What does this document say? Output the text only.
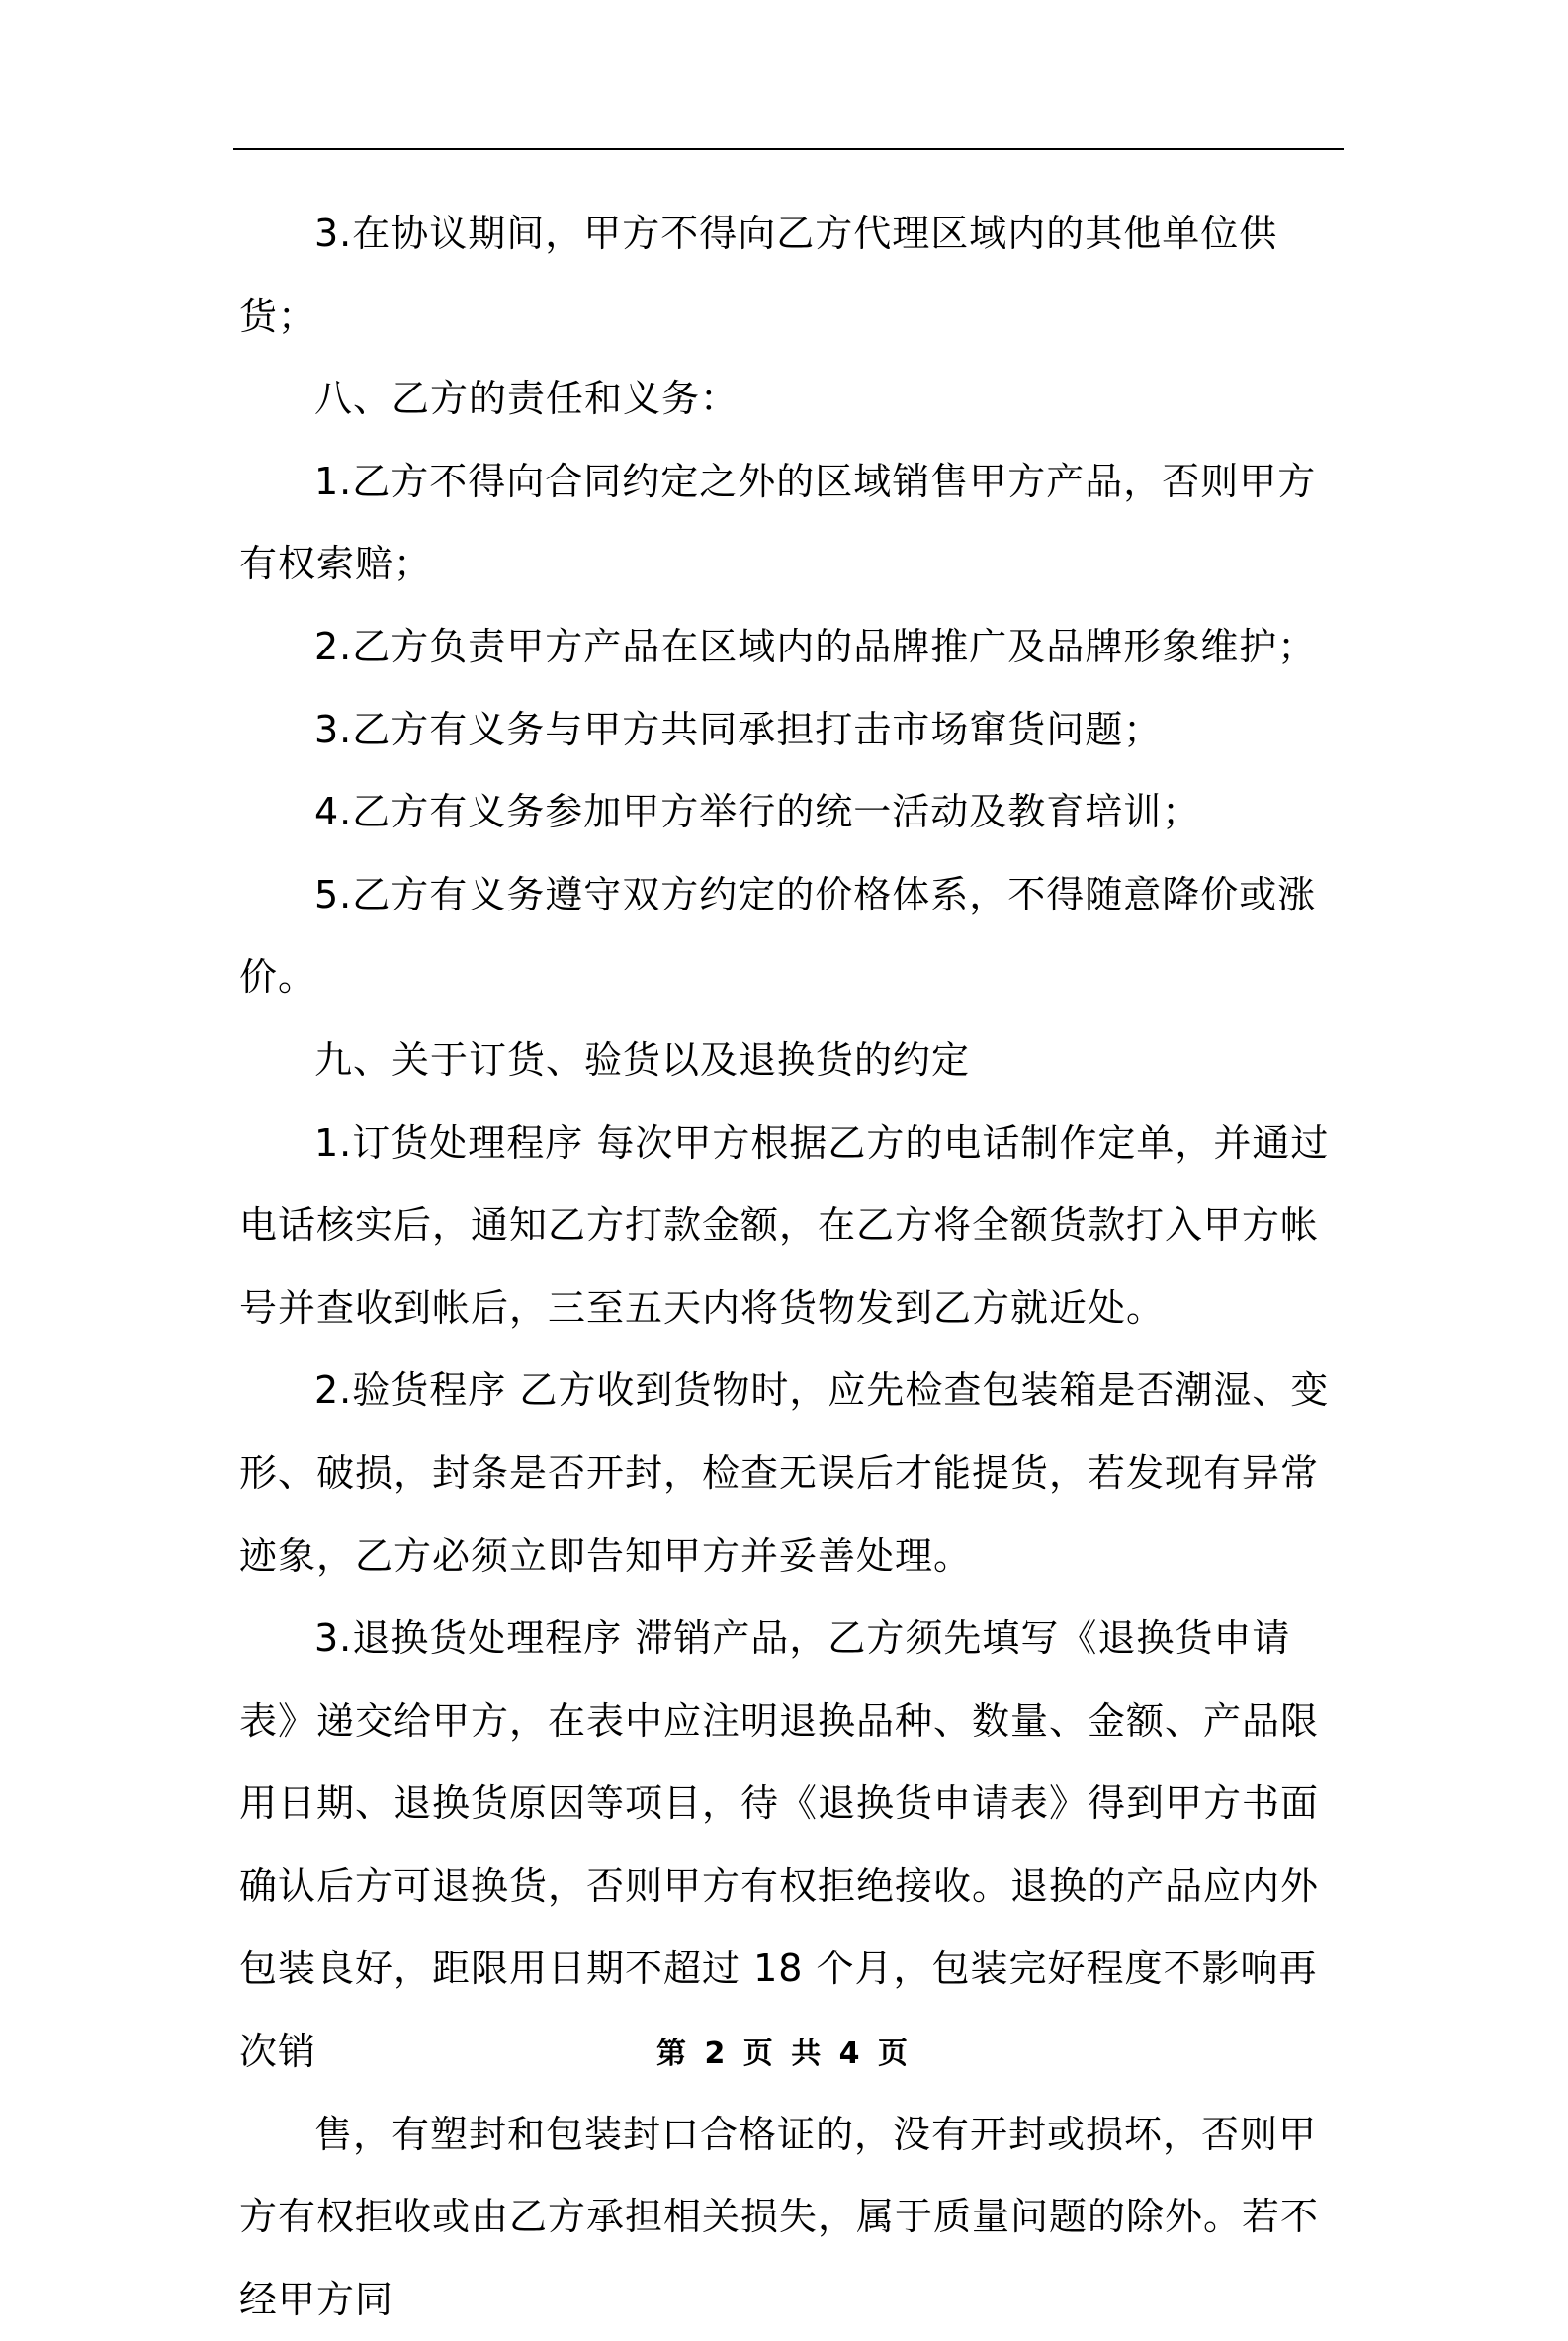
3.在协议期间，甲方不得向乙方代理区域内的其他单位供货；

八、乙方的责任和义务：

1.乙方不得向合同约定之外的区域销售甲方产品，否则甲方有权索赔；

2.乙方负责甲方产品在区域内的品牌推广及品牌形象维护；

3.乙方有义务与甲方共同承担打击市场窜货问题；

4.乙方有义务参加甲方举行的统一活动及教育培训；

5.乙方有义务遵守双方约定的价格体系，不得随意降价或涨价。

九、关于订货、验货以及退换货的约定

1.订货处理程序 每次甲方根据乙方的电话制作定单，并通过电话核实后，通知乙方打款金额，在乙方将全额货款打入甲方帐号并查收到帐后，三至五天内将货物发到乙方就近处。

2.验货程序 乙方收到货物时，应先检查包装箱是否潮湿、变形、破损，封条是否开封，检查无误后才能提货，若发现有异常迹象，乙方必须立即告知甲方并妥善处理。

3.退换货处理程序 滞销产品，乙方须先填写《退换货申请表》递交给甲方，在表中应注明退换品种、数量、金额、产品限用日期、退换货原因等项目，待《退换货申请表》得到甲方书面确认后方可退换货，否则甲方有权拒绝接收。退换的产品应内外包装良好，距限用日期不超过 18 个月，包装完好程度不影响再次销

售，有塑封和包装封口合格证的，没有开封或损坏，否则甲方有权拒收或由乙方承担相关损失，属于质量问题的除外。若不经甲方同

第 2 页 共 4 页
